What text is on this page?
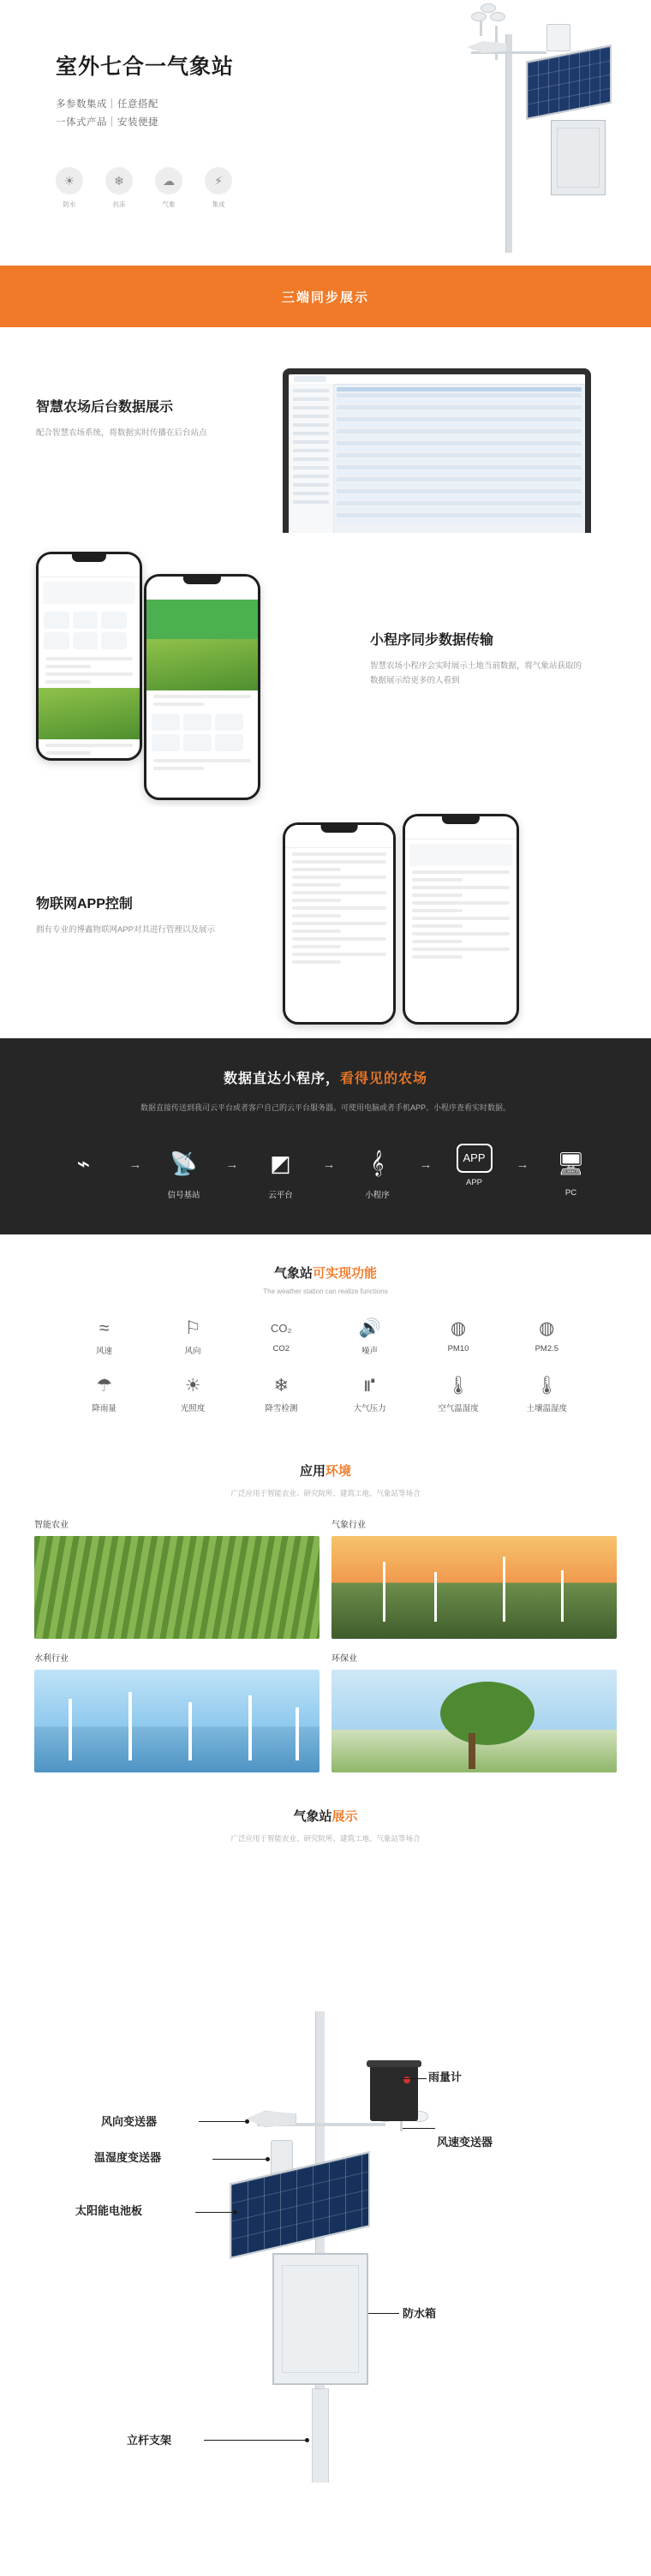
室外七合一气象站
多参数集成｜任意搭配
一体式产品｜安装便捷
☀
防水
❄
抗冻
☁
气象
⚡
集成
三端同步展示
智慧农场后台数据展示
配合智慧农场系统，将数据实时传播在后台站点
小程序同步数据传输
智慧农场小程序会实时展示土地当前数据，将气象站获取的数据展示给更多的人看到
物联网APP控制
拥有专业的博鑫物联网APP对其进行管理以及展示
数据直达小程序，看得见的农场
数据直接传送到我司云平台或者客户自己的云平台服务器。可使用电脑或者手机APP、小程序查看实时数据。
⌁	→	📡
信号基站
→	◩
云平台
→	𝄞
小程序
→	APP
APP
→	🖥
PC
气象站可实现功能
The weather station can realize functions
≈
风速
⚐
风向
CO₂
CO2
🔊
噪声
◍
PM10
◍
PM2.5
☂
降雨量
☀
光照度
❄
降雪检测
⑈
大气压力
🌡
空气温湿度
🌡
土壤温湿度
应用环境
广泛应用于智能农业、研究院所、建筑工地、气象站等场合
智能农业	气象行业
水利行业	环保业
气象站展示
广泛应用于智能农业、研究院所、建筑工地、气象站等场合
风向变送器
雨量计
风速变送器
温湿度变送器
太阳能电池板
防水箱
立杆支架
